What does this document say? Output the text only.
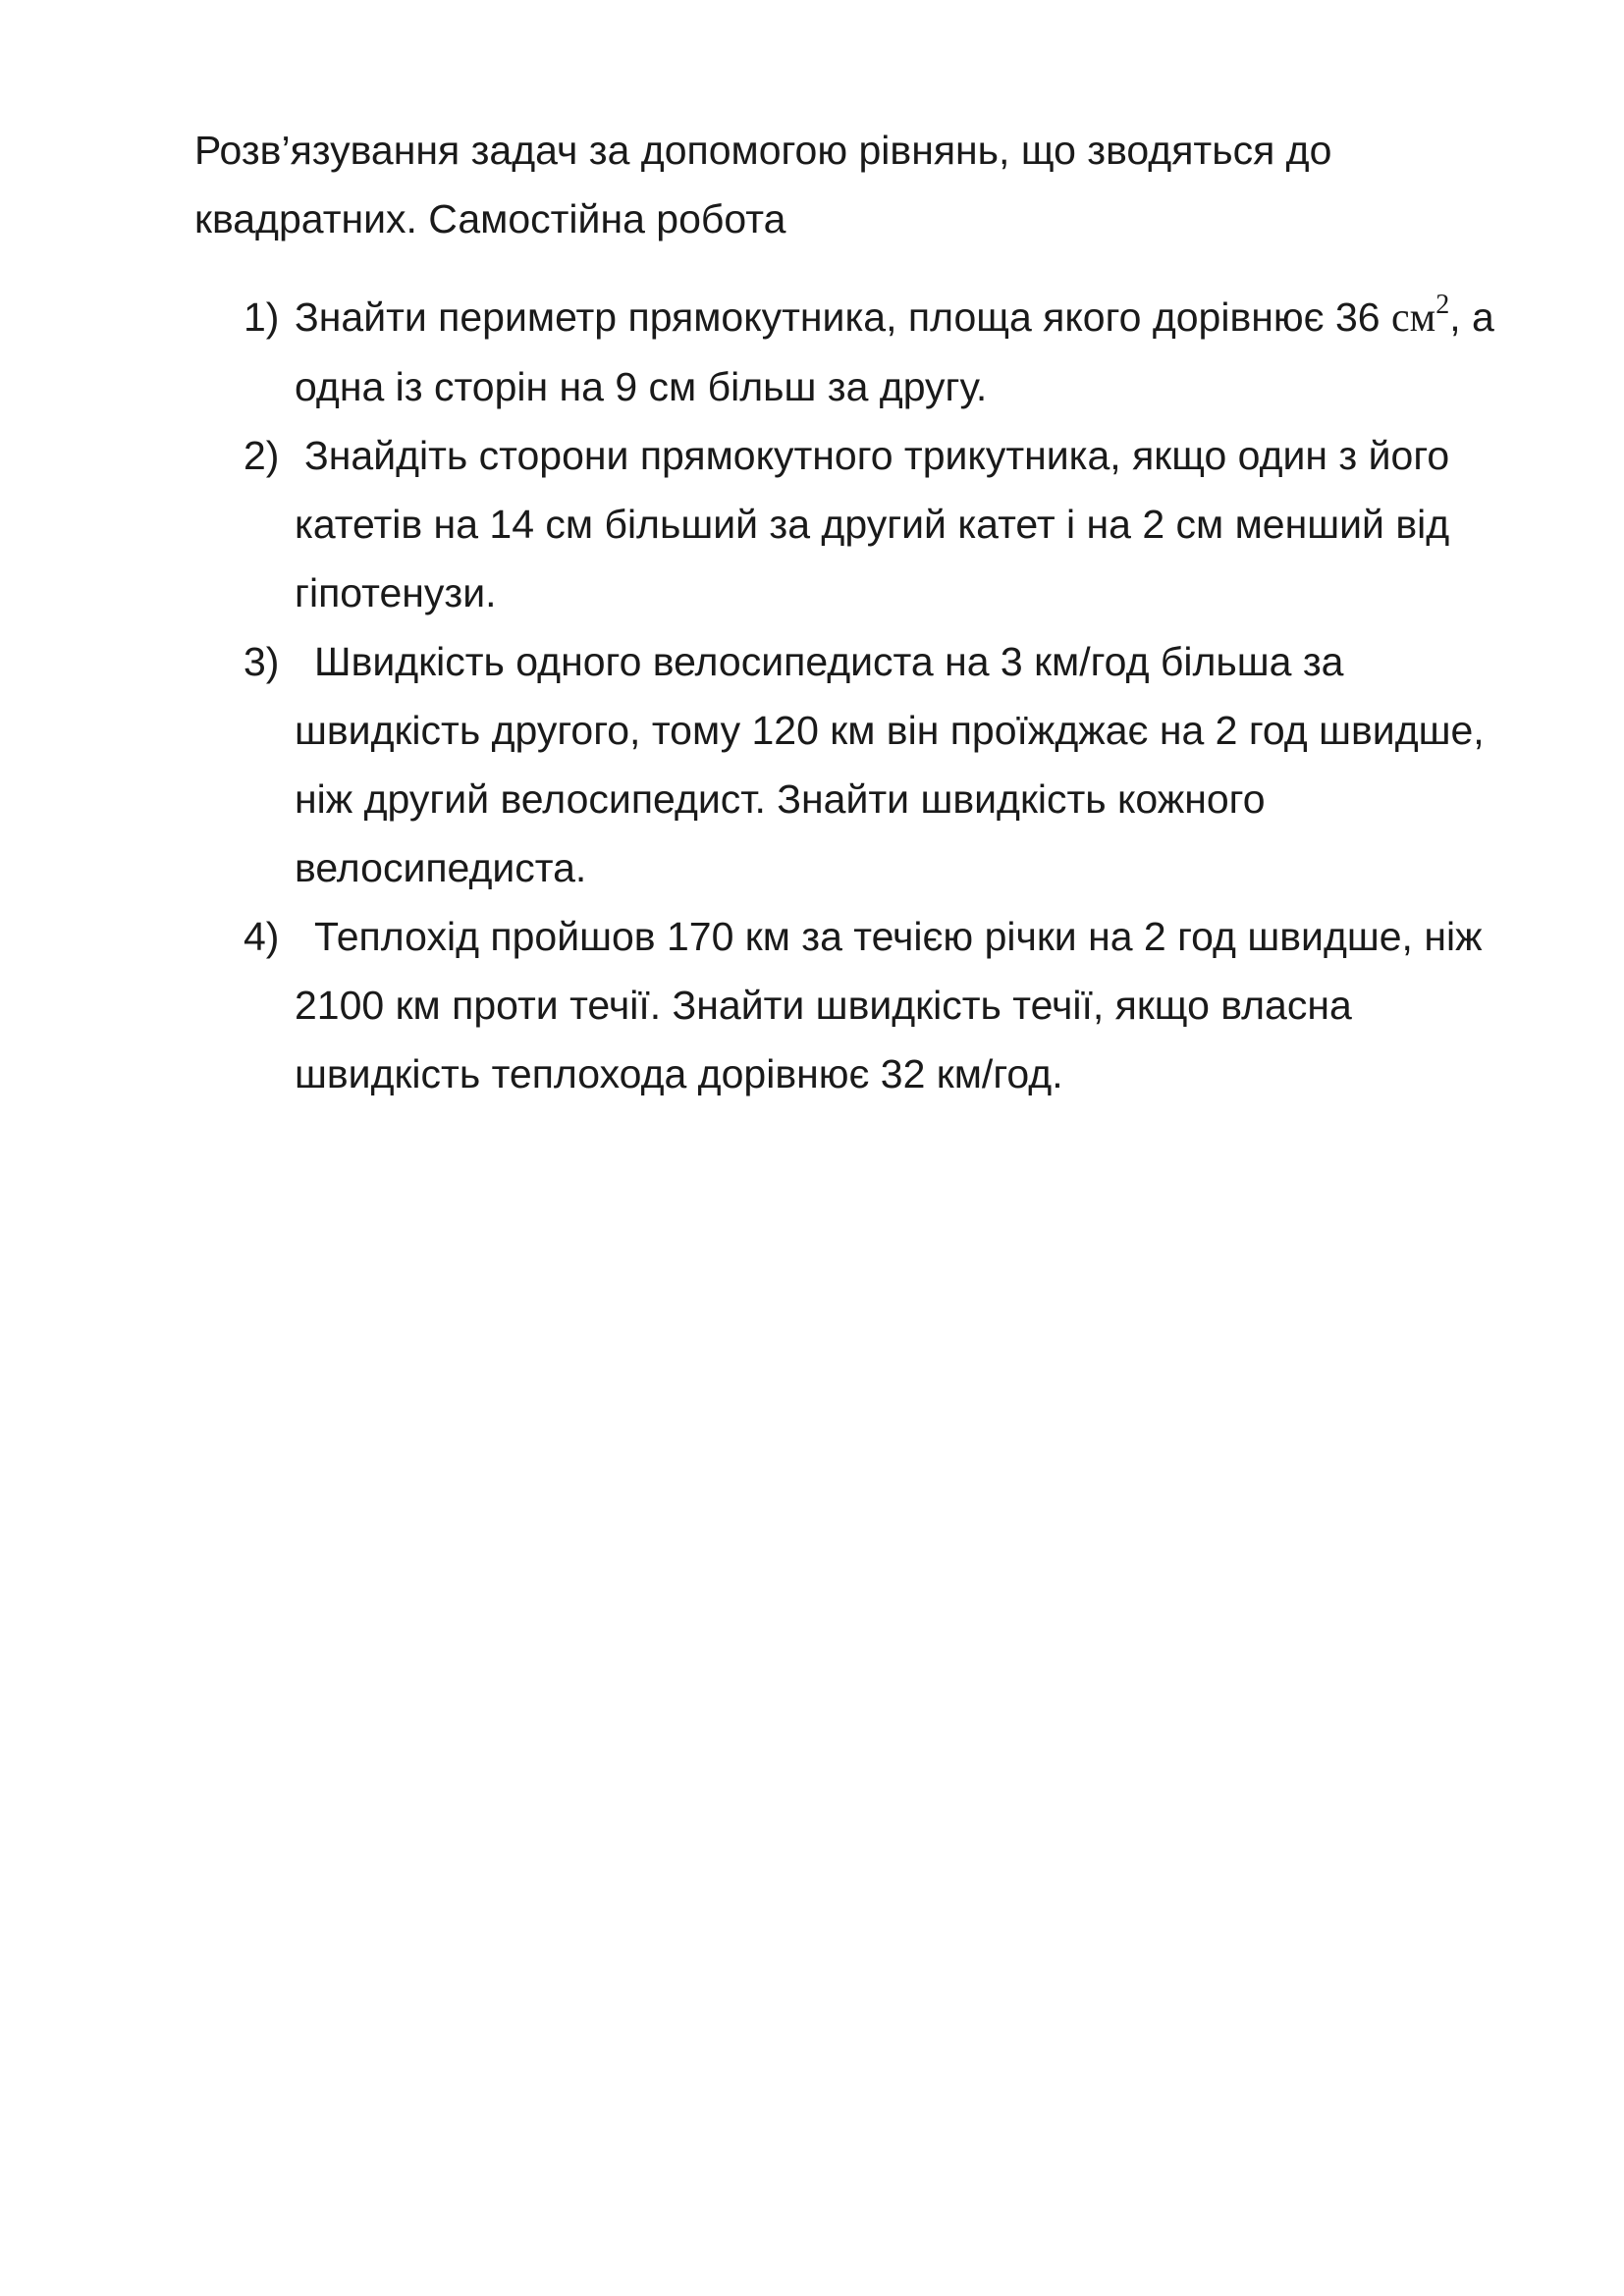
Розв’язування задач за допомогою рівнянь, що зводяться до
квадратних. Самостійна робота
1) Знайти периметр прямокутника, площа якого дорівнює 36 $см^2$, а одна із сторін на 9 см більш за другу.
2) Знайдіть сторони прямокутного трикутника, якщо один з його катетів на 14 см більший за другий катет і на 2 см менший від гіпотенузи.
3) Швидкість одного велосипедиста на 3 км/год більша за швидкість другого, тому 120 км він проїжджає на 2 год швидше, ніж другий велосипедист. Знайти швидкість кожного велосипедиста.
4) Теплохід пройшов 170 км за течією річки на 2 год швидше, ніж 2100 км проти течії. Знайти швидкість течії, якщо власна швидкість теплохода дорівнює 32 км/год.
